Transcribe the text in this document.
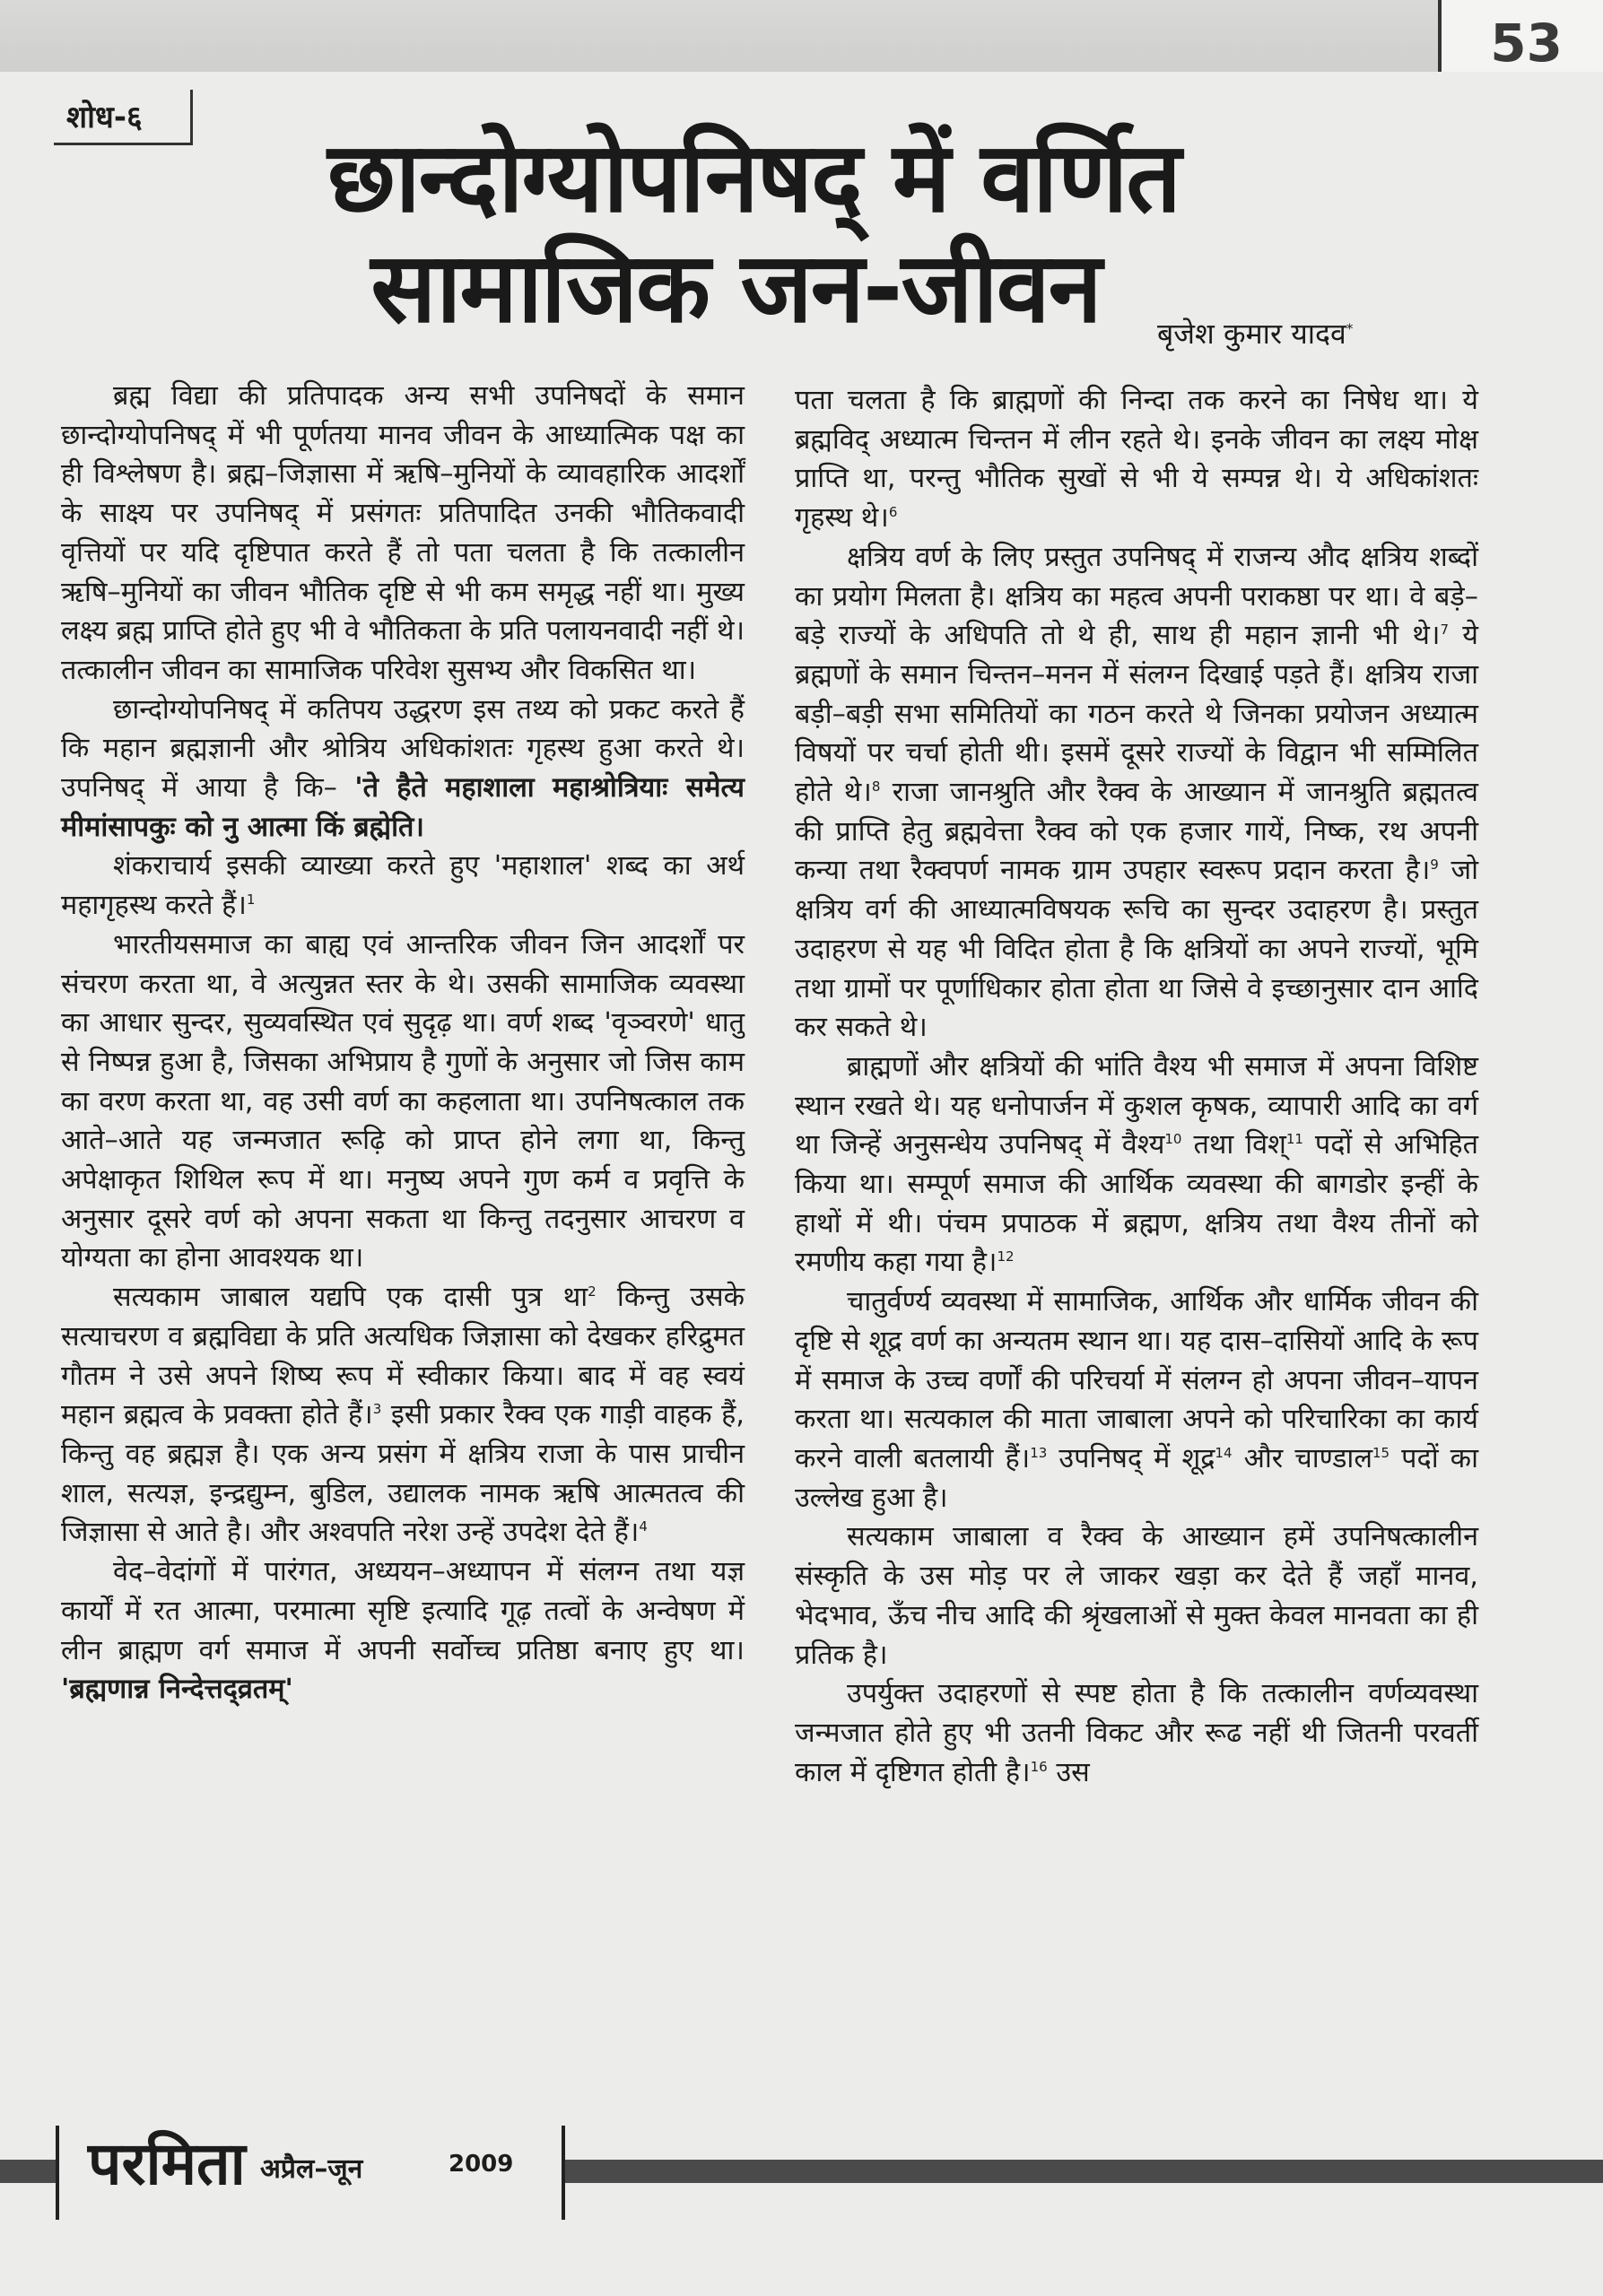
53
शोध-६
छान्दोग्योपनिषद् में वर्णित
सामाजिक जन-जीवन	बृजेश कुमार यादव*

ब्रह्म विद्या की प्रतिपादक अन्य सभी उपनिषदों के समान छान्दोग्योपनिषद् में भी पूर्णतया मानव जीवन के आध्यात्मिक पक्ष का ही विश्लेषण है। ब्रह्म–जिज्ञासा में ऋषि–मुनियों के व्यावहारिक आदर्शों के साक्ष्य पर उपनिषद् में प्रसंगतः प्रतिपादित उनकी भौतिकवादी वृत्तियों पर यदि दृष्टिपात करते हैं तो पता चलता है कि तत्कालीन ऋषि–मुनियों का जीवन भौतिक दृष्टि से भी कम समृद्ध नहीं था। मुख्य लक्ष्य ब्रह्म प्राप्ति होते हुए भी वे भौतिकता के प्रति पलायनवादी नहीं थे। तत्कालीन जीवन का सामाजिक परिवेश सुसभ्य और विकसित था।

छान्दोग्योपनिषद् में कतिपय उद्धरण इस तथ्य को प्रकट करते हैं कि महान ब्रह्मज्ञानी और श्रोत्रिय अधिकांशतः गृहस्थ हुआ करते थे। उपनिषद् में आया है कि– 'ते हैते महाशाला महाश्रोत्रियाः समेत्य मीमांसापकुः को नु आत्मा किं ब्रह्मेति।

शंकराचार्य इसकी व्याख्या करते हुए 'महाशाल' शब्द का अर्थ महागृहस्थ करते हैं।$^1$

भारतीयसमाज का बाह्य एवं आन्तरिक जीवन जिन आदर्शों पर संचरण करता था, वे अत्युन्नत स्तर के थे। उसकी सामाजिक व्यवस्था का आधार सुन्दर, सुव्यवस्थित एवं सुदृढ़ था। वर्ण शब्द 'वृञ्वरणे' धातु से निष्पन्न हुआ है, जिसका अभिप्राय है गुणों के अनुसार जो जिस काम का वरण करता था, वह उसी वर्ण का कहलाता था। उपनिषत्काल तक आते–आते यह जन्मजात रूढ़ि को प्राप्त होने लगा था, किन्तु अपेक्षाकृत शिथिल रूप में था। मनुष्य अपने गुण कर्म व प्रवृत्ति के अनुसार दूसरे वर्ण को अपना सकता था किन्तु तदनुसार आचरण व योग्यता का होना आवश्यक था।

सत्यकाम जाबाल यद्यपि एक दासी पुत्र था$^2$ किन्तु उसके सत्याचरण व ब्रह्मविद्या के प्रति अत्यधिक जिज्ञासा को देखकर हरिद्रुमत गौतम ने उसे अपने शिष्य रूप में स्वीकार किया। बाद में वह स्वयं महान ब्रह्मत्व के प्रवक्ता होते हैं।$^3$ इसी प्रकार रैक्व एक गाड़ी वाहक हैं, किन्तु वह ब्रह्मज्ञ है। एक अन्य प्रसंग में क्षत्रिय राजा के पास प्राचीन शाल, सत्यज्ञ, इन्द्रद्युम्न, बुडिल, उद्यालक नामक ऋषि आत्मतत्व की जिज्ञासा से आते है। और अश्वपति नरेश उन्हें उपदेश देते हैं।$^4$

वेद–वेदांगों में पारंगत, अध्ययन–अध्यापन में संलग्न तथा यज्ञ कार्यों में रत आत्मा, परमात्मा सृष्टि इत्यादि गूढ़ तत्वों के अन्वेषण में लीन ब्राह्मण वर्ग समाज में अपनी सर्वोच्च प्रतिष्ठा बनाए हुए था। 'ब्रह्मणान्न निन्देत्तद्व्रतम्'

पता चलता है कि ब्राह्मणों की निन्दा तक करने का निषेध था। ये ब्रह्मविद् अध्यात्म चिन्तन में लीन रहते थे। इनके जीवन का लक्ष्य मोक्ष प्राप्ति था, परन्तु भौतिक सुखों से भी ये सम्पन्न थे। ये अधिकांशतः गृहस्थ थे।$^6$

क्षत्रिय वर्ण के लिए प्रस्तुत उपनिषद् में राजन्य औद क्षत्रिय शब्दों का प्रयोग मिलता है। क्षत्रिय का महत्व अपनी पराकष्ठा पर था। वे बड़े–बड़े राज्यों के अधिपति तो थे ही, साथ ही महान ज्ञानी भी थे।$^7$ ये ब्रह्मणों के समान चिन्तन–मनन में संलग्न दिखाई पड़ते हैं। क्षत्रिय राजा बड़ी–बड़ी सभा समितियों का गठन करते थे जिनका प्रयोजन अध्यात्म विषयों पर चर्चा होती थी। इसमें दूसरे राज्यों के विद्वान भी सम्मिलित होते थे।$^8$ राजा जानश्रुति और रैक्व के आख्यान में जानश्रुति ब्रह्मतत्व की प्राप्ति हेतु ब्रह्मवेत्ता रैक्व को एक हजार गायें, निष्क, रथ अपनी कन्या तथा रैक्वपर्ण नामक ग्राम उपहार स्वरूप प्रदान करता है।$^9$ जो क्षत्रिय वर्ग की आध्यात्मविषयक रूचि का सुन्दर उदाहरण है। प्रस्तुत उदाहरण से यह भी विदित होता है कि क्षत्रियों का अपने राज्यों, भूमि तथा ग्रामों पर पूर्णाधिकार होता होता था जिसे वे इच्छानुसार दान आदि कर सकते थे।

ब्राह्मणों और क्षत्रियों की भांति वैश्य भी समाज में अपना विशिष्ट स्थान रखते थे। यह धनोपार्जन में कुशल कृषक, व्यापारी आदि का वर्ग था जिन्हें अनुसन्धेय उपनिषद् में वैश्य$^{10}$ तथा विश्$^{11}$ पदों से अभिहित किया था। सम्पूर्ण समाज की आर्थिक व्यवस्था की बागडोर इन्हीं के हाथों में थी। पंचम प्रपाठक में ब्रह्मण, क्षत्रिय तथा वैश्य तीनों को रमणीय कहा गया है।$^{12}$

चातुर्वर्ण्य व्यवस्था में सामाजिक, आर्थिक और धार्मिक जीवन की दृष्टि से शूद्र वर्ण का अन्यतम स्थान था। यह दास–दासियों आदि के रूप में समाज के उच्च वर्णों की परिचर्या में संलग्न हो अपना जीवन–यापन करता था। सत्यकाल की माता जाबाला अपने को परिचारिका का कार्य करने वाली बतलायी हैं।$^{13}$ उपनिषद् में शूद्र$^{14}$ और चाण्डाल$^{15}$ पदों का उल्लेख हुआ है।

सत्यकाम जाबाला व रैक्व के आख्यान हमें उपनिषत्कालीन संस्कृति के उस मोड़ पर ले जाकर खड़ा कर देते हैं जहाँ मानव, भेदभाव, ऊँच नीच आदि की श्रृंखलाओं से मुक्त केवल मानवता का ही प्रतिक है।

उपर्युक्त उदाहरणों से स्पष्ट होता है कि तत्कालीन वर्णव्यवस्था जन्मजात होते हुए भी उतनी विकट और रूढ नहीं थी जितनी परवर्ती काल में दृष्टिगत होती है।$^{16}$ उस

परमिता अप्रैल–जून	2009
